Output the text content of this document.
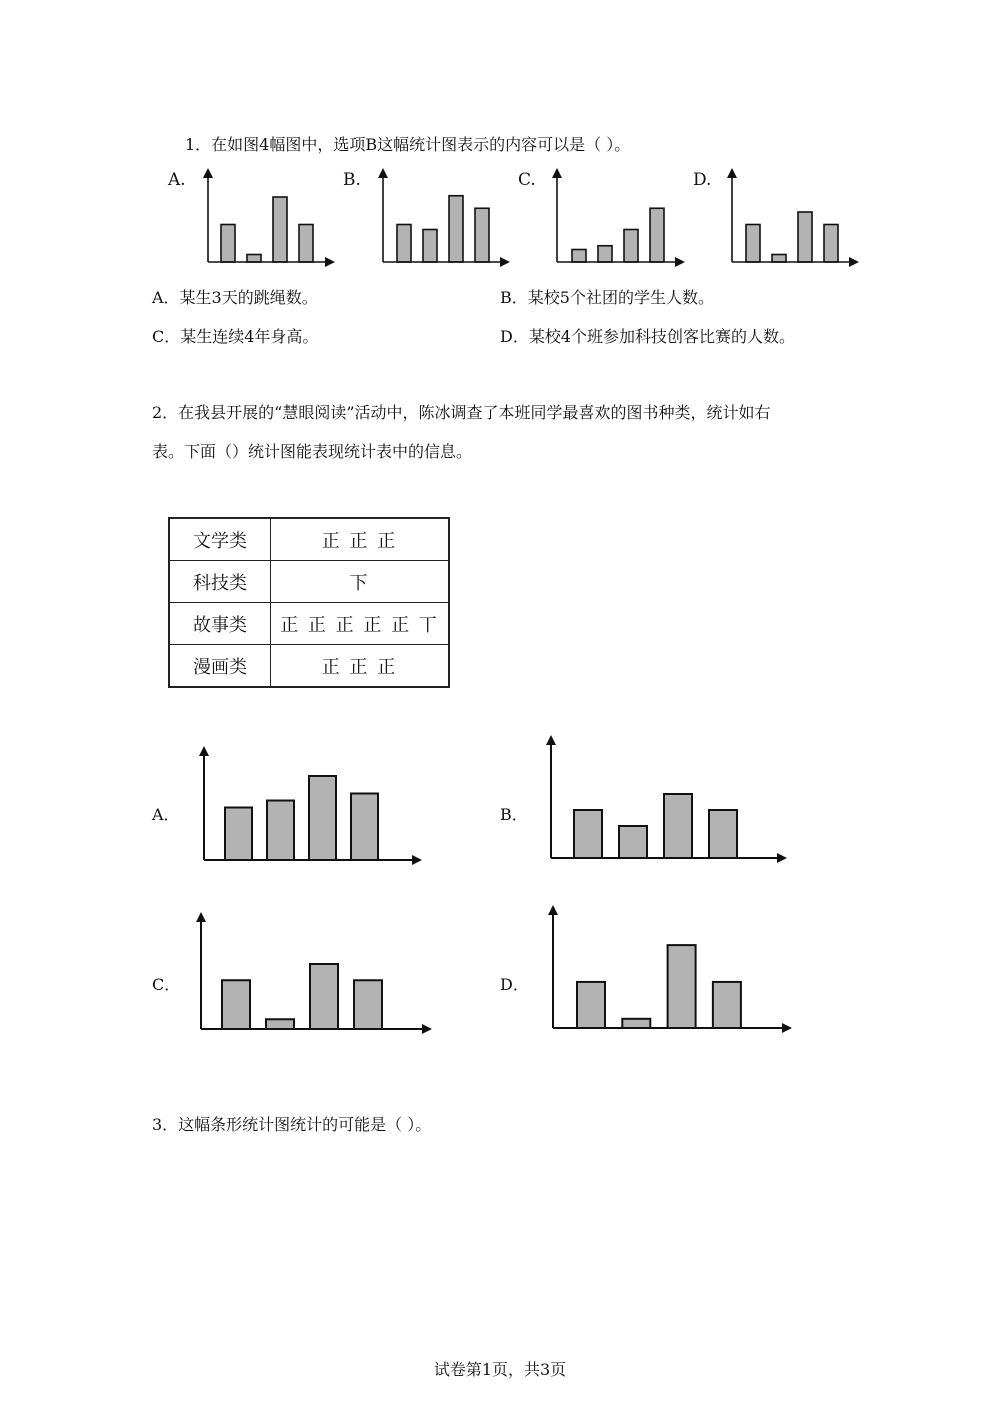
1．在如图4幅图中，选项B这幅统计图表示的内容可以是（ ）。
A.	B.	C.	D.
A．某生3天的跳绳数。	B．某校5个社团的学生人数。
C．某生连续4年身高。	D．某校4个班参加科技创客比赛的人数。
2．在我县开展的“慧眼阅读”活动中，陈冰调查了本班同学最喜欢的图书种类，统计如右
表。下面（）统计图能表现统计表中的信息。
文学类	正 正 正
科技类	下
故事类	正 正 正 正 正 丅
漫画类	正 正 正
A．	B．
C．	D．
3．这幅条形统计图统计的可能是（ ）。
试卷第1页，共3页
